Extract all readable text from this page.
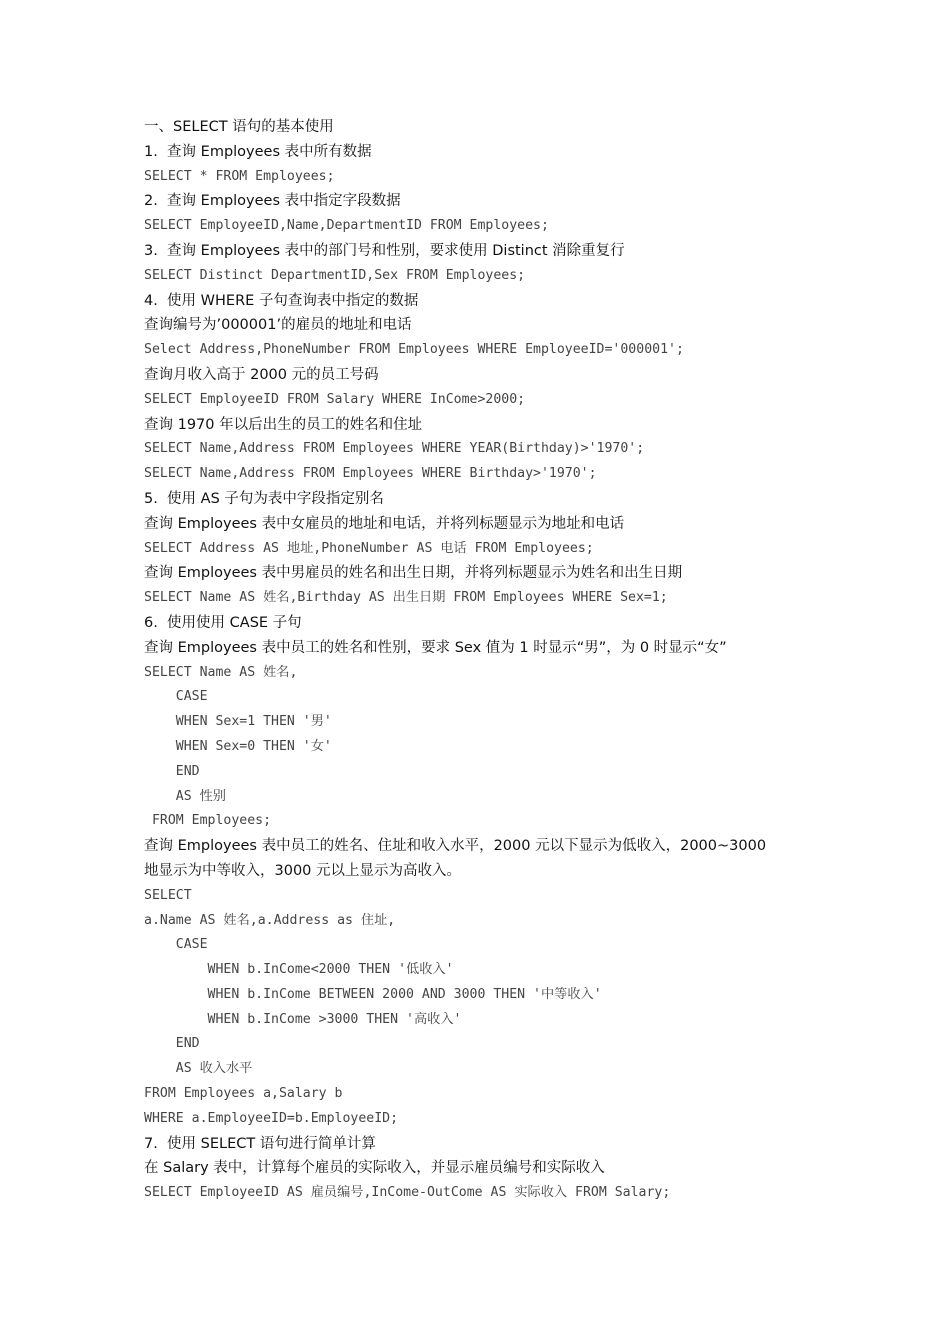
一、SELECT 语句的基本使用
1.  查询 Employees 表中所有数据
SELECT * FROM Employees;
2.  查询 Employees 表中指定字段数据
SELECT EmployeeID,Name,DepartmentID FROM Employees;
3.  查询 Employees 表中的部门号和性别，要求使用 Distinct 消除重复行
SELECT Distinct DepartmentID,Sex FROM Employees;
4.  使用 WHERE 子句查询表中指定的数据
查询编号为’000001’的雇员的地址和电话
Select Address,PhoneNumber FROM Employees WHERE EmployeeID='000001';
查询月收入高于 2000 元的员工号码
SELECT EmployeeID FROM Salary WHERE InCome>2000;
查询 1970 年以后出生的员工的姓名和住址
SELECT Name,Address FROM Employees WHERE YEAR(Birthday)>'1970';
SELECT Name,Address FROM Employees WHERE Birthday>'1970';
5.  使用 AS 子句为表中字段指定别名
查询 Employees 表中女雇员的地址和电话，并将列标题显示为地址和电话
SELECT Address AS 地址,PhoneNumber AS 电话 FROM Employees;
查询 Employees 表中男雇员的姓名和出生日期，并将列标题显示为姓名和出生日期
SELECT Name AS 姓名,Birthday AS 出生日期 FROM Employees WHERE Sex=1;
6.  使用使用 CASE 子句
查询 Employees 表中员工的姓名和性别，要求 Sex 值为 1 时显示“男”，为 0 时显示“女”
SELECT Name AS 姓名,
CASE
WHEN Sex=1 THEN '男'
WHEN Sex=0 THEN '女'
END
AS 性别
FROM Employees;
查询 Employees 表中员工的姓名、住址和收入水平，2000 元以下显示为低收入，2000~3000
地显示为中等收入，3000 元以上显示为高收入。
SELECT
a.Name AS 姓名,a.Address as 住址,
CASE
WHEN b.InCome<2000 THEN '低收入'
WHEN b.InCome BETWEEN 2000 AND 3000 THEN '中等收入'
WHEN b.InCome >3000 THEN '高收入'
END
AS 收入水平
FROM Employees a,Salary b
WHERE a.EmployeeID=b.EmployeeID;
7.  使用 SELECT 语句进行简单计算
在 Salary 表中，计算每个雇员的实际收入，并显示雇员编号和实际收入
SELECT EmployeeID AS 雇员编号,InCome-OutCome AS 实际收入 FROM Salary;
